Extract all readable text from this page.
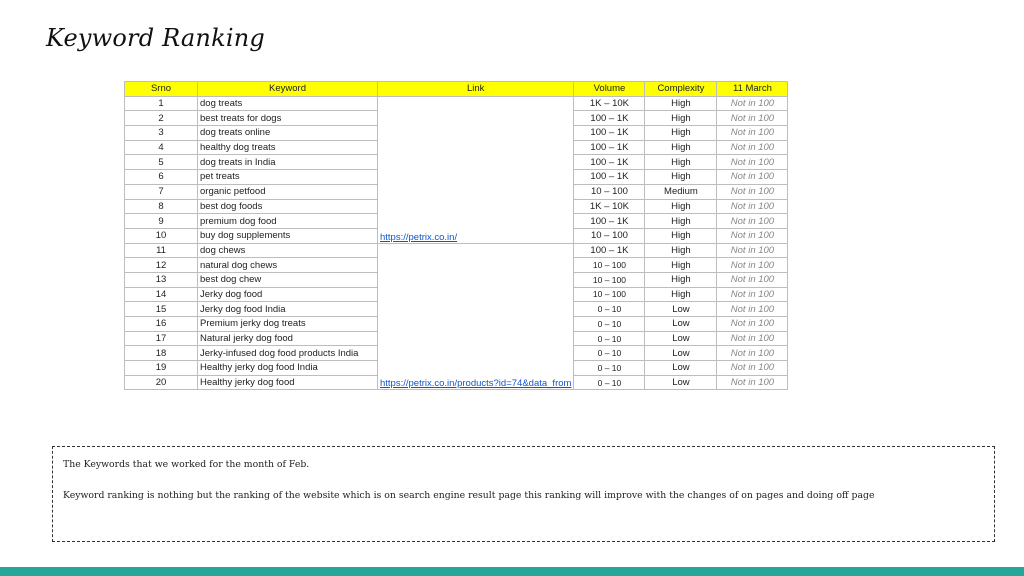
Keyword Ranking
Srno	Keyword	Link	Volume	Complexity	11 March
1	dog treats	https://petrix.co.in/	1K – 10K	High	Not in 100
2	best treats for dogs		100 – 1K	High	Not in 100
3	dog treats online		100 – 1K	High	Not in 100
4	healthy dog treats		100 – 1K	High	Not in 100
5	dog treats in India		100 – 1K	High	Not in 100
6	pet treats		100 – 1K	High	Not in 100
7	organic petfood		10 – 100	Medium	Not in 100
8	best dog foods		1K – 10K	High	Not in 100
9	premium dog food		100 – 1K	High	Not in 100
10	buy dog supplements		10 – 100	High	Not in 100
11	dog chews	https://petrix.co.in/products?id=74&data_from	100 – 1K	High	Not in 100
12	natural dog chews		10 – 100	High	Not in 100
13	best dog chew		10 – 100	High	Not in 100
14	Jerky dog food		10 – 100	High	Not in 100
15	Jerky dog food India		0 – 10	Low	Not in 100
16	Premium jerky dog treats		0 – 10	Low	Not in 100
17	Natural jerky dog food		0 – 10	Low	Not in 100
18	Jerky-infused dog food products India		0 – 10	Low	Not in 100
19	Healthy jerky dog food India		0 – 10	Low	Not in 100
20	Healthy jerky dog food		0 – 10	Low	Not in 100
The Keywords that we worked for the month of Feb.
Keyword ranking is nothing but the ranking of the website which is on search engine result page this ranking will improve with the changes of on pages and doing off page
